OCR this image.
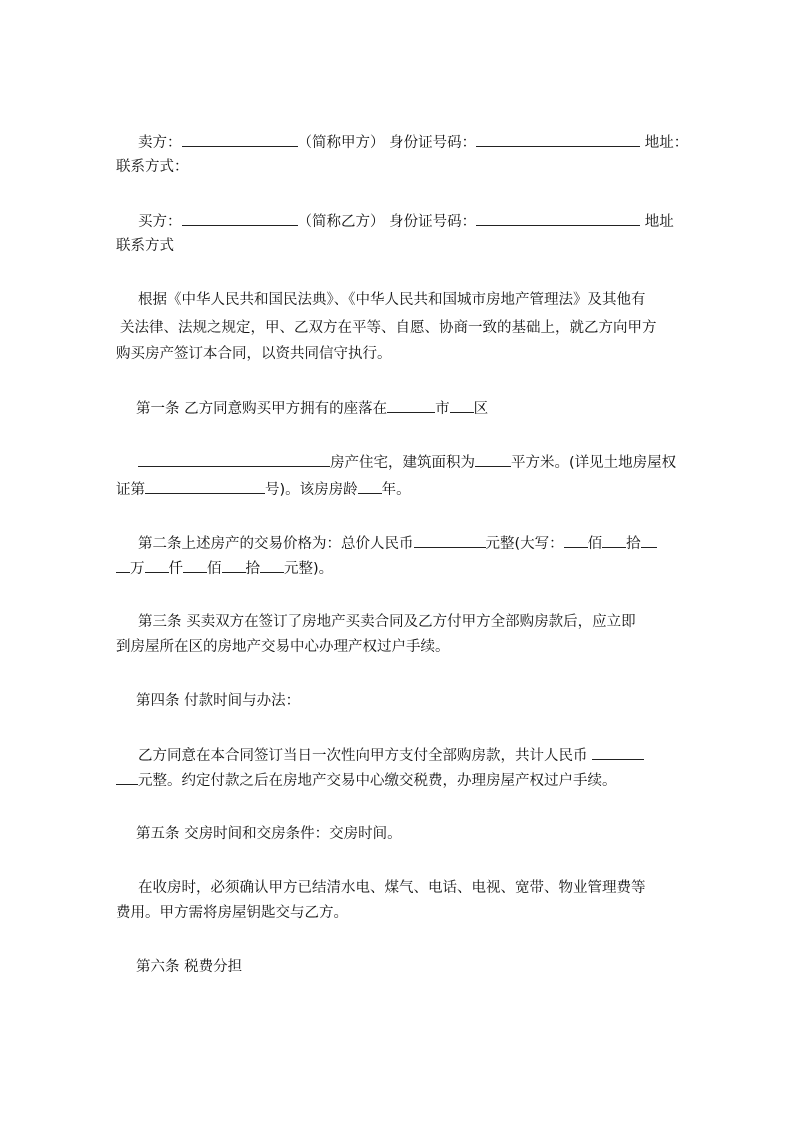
卖方：	（简称甲方） 身份证号码：	地址：
联系方式：
买方：	（简称乙方） 身份证号码：	地址
联系方式
根据《中华人民共和国民法典》、《中华人民共和国城市房地产管理法》及其他有
关法律、法规之规定，甲、乙双方在平等、自愿、协商一致的基础上，就乙方向甲方
购买房产签订本合同，以资共同信守执行。
第一条 乙方同意购买甲方拥有的座落在	市 区
房产住宅，建筑面积为 平方米。(详见土地房屋权
证第	号)。该房房龄 年。
第二条上述房产的交易价格为：总价人民币	元整(大写： 佰 拾
万 仟 佰 拾 元整)。
第三条 买卖双方在签订了房地产买卖合同及乙方付甲方全部购房款后，应立即
到房屋所在区的房地产交易中心办理产权过户手续。
第四条 付款时间与办法：
乙方同意在本合同签订当日一次性向甲方支付全部购房款，共计人民币
元整。约定付款之后在房地产交易中心缴交税费，办理房屋产权过户手续。
第五条 交房时间和交房条件：交房时间。
在收房时，必须确认甲方已结清水电、煤气、电话、电视、宽带、物业管理费等
费用。甲方需将房屋钥匙交与乙方。
第六条 税费分担
